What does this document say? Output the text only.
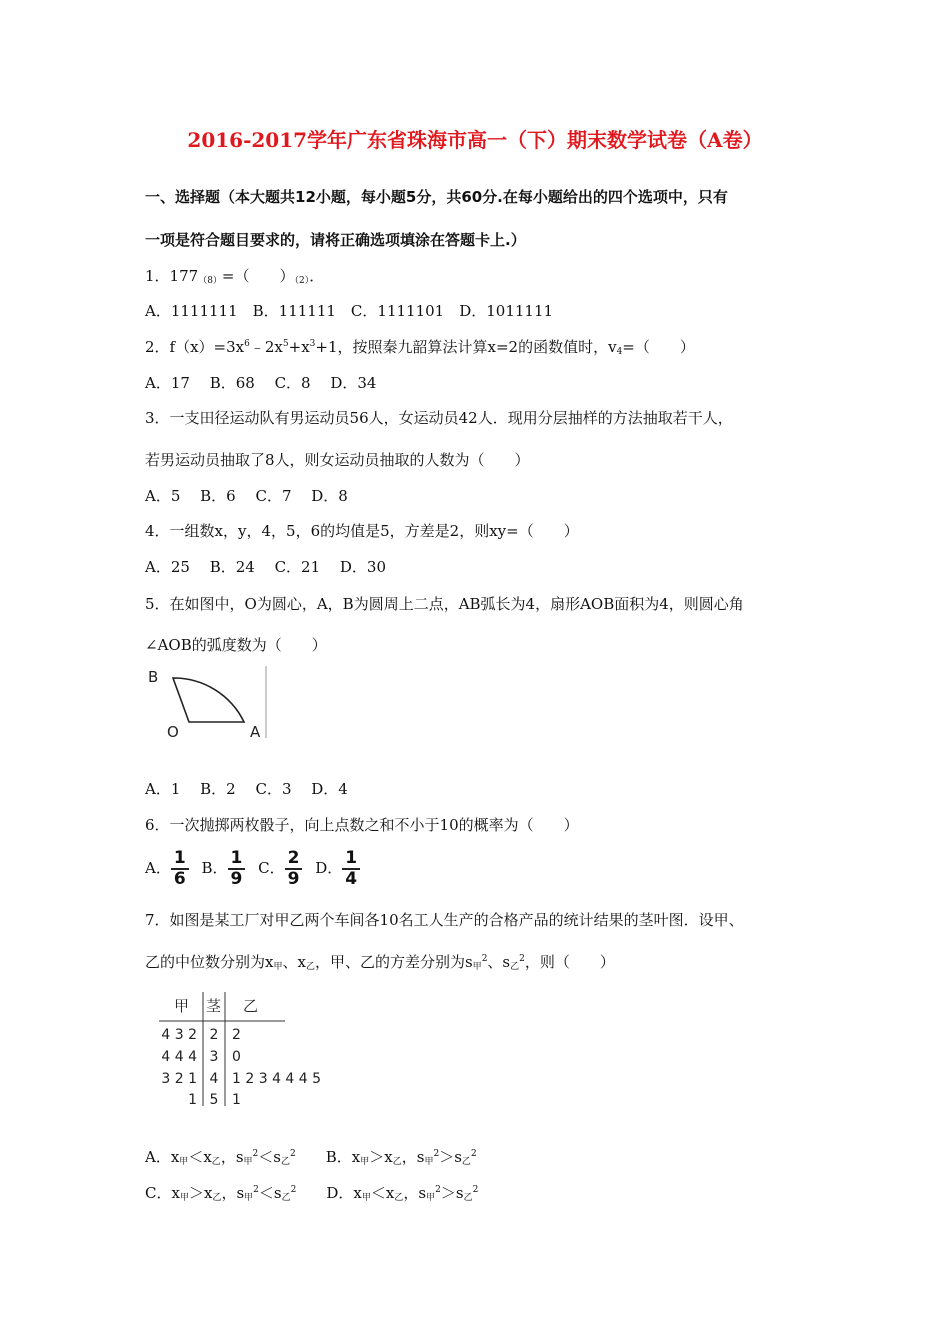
2016-2017学年广东省珠海市高一（下）期末数学试卷（A卷）
一、选择题（本大题共12小题，每小题5分，共60分.在每小题给出的四个选项中，只有
一项是符合题目要求的，请将正确选项填涂在答题卡上.）
1．$177_{(8)}=$（　　）$_{(2)}$．
A．1111111　B．111111　C．1111101　D．1011111
2．$f(x)=3x^6﹣2x^5+x^3+1$，按照秦九韶算法计算x=2的函数值时，$v_4=$（　　）
A．17　 B．68　 C．8　 D．34
3．一支田径运动队有男运动员56人，女运动员42人．现用分层抽样的方法抽取若干人，
若男运动员抽取了8人，则女运动员抽取的人数为（　　）
A．5　 B．6　 C．7　 D．8
4．一组数x，y，4，5，6的均值是5，方差是2，则xy=（　　）
A．25　 B．24　 C．21　 D．30
5．在如图中，O为圆心，A，B为圆周上二点，AB弧长为4，扇形AOB面积为4，则圆心角
∠AOB的弧度数为（　　）
B
O	A
A．1　 B．2　 C．3　 D．4
6．一次抛掷两枚骰子，向上点数之和不小于10的概率为（　　）
A． $\frac{1}{6}$ B． $\frac{1}{9}$ C． $\frac{2}{9}$ D． $\frac{1}{4}$
7．如图是某工厂对甲乙两个车间各10名工人生产的合格产品的统计结果的茎叶图．设甲、
乙的中位数分别为$x_甲$、$x_乙$，甲、乙的方差分别为$s_甲^2$、$s_乙^2$，则（　　）
甲 茎 乙
4 3 2 2 2
4 4 4 3 0
3 2 1 4 1 2 3 4 4 4 5
1 5 1
A．$x_甲<x_乙$，$s_甲^2<s_乙^2$　　 B．$x_甲>x_乙$，$s_甲^2>s_乙^2$
C．$x_甲>x_乙$，$s_甲^2<s_乙^2$　　 D．$x_甲<x_乙$，$s_甲^2>s_乙^2$
